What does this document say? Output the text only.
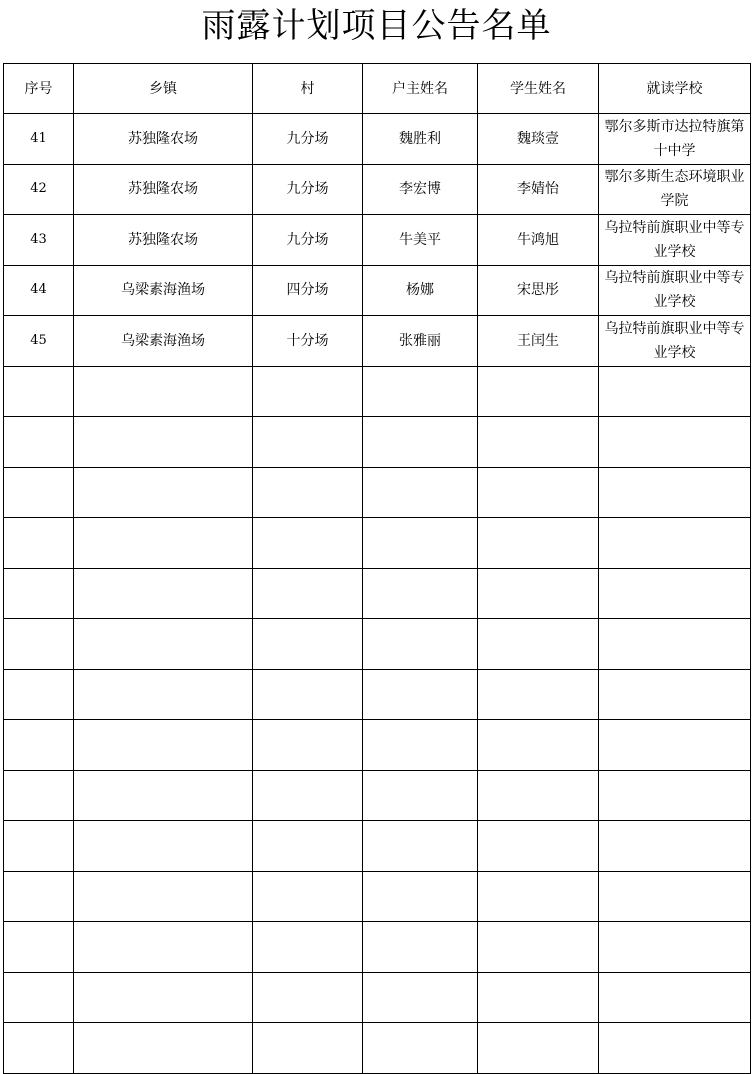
雨露计划项目公告名单
序号	乡镇	村	户主姓名	学生姓名	就读学校
41	苏独隆农场	九分场	魏胜利	魏琰壹	鄂尔多斯市达拉特旗第十中学
42	苏独隆农场	九分场	李宏博	李婧怡	鄂尔多斯生态环境职业学院
43	苏独隆农场	九分场	牛美平	牛鸿旭	乌拉特前旗职业中等专业学校
44	乌梁素海渔场	四分场	杨娜	宋思彤	乌拉特前旗职业中等专业学校
45	乌梁素海渔场	十分场	张雅丽	王闰生	乌拉特前旗职业中等专业学校
